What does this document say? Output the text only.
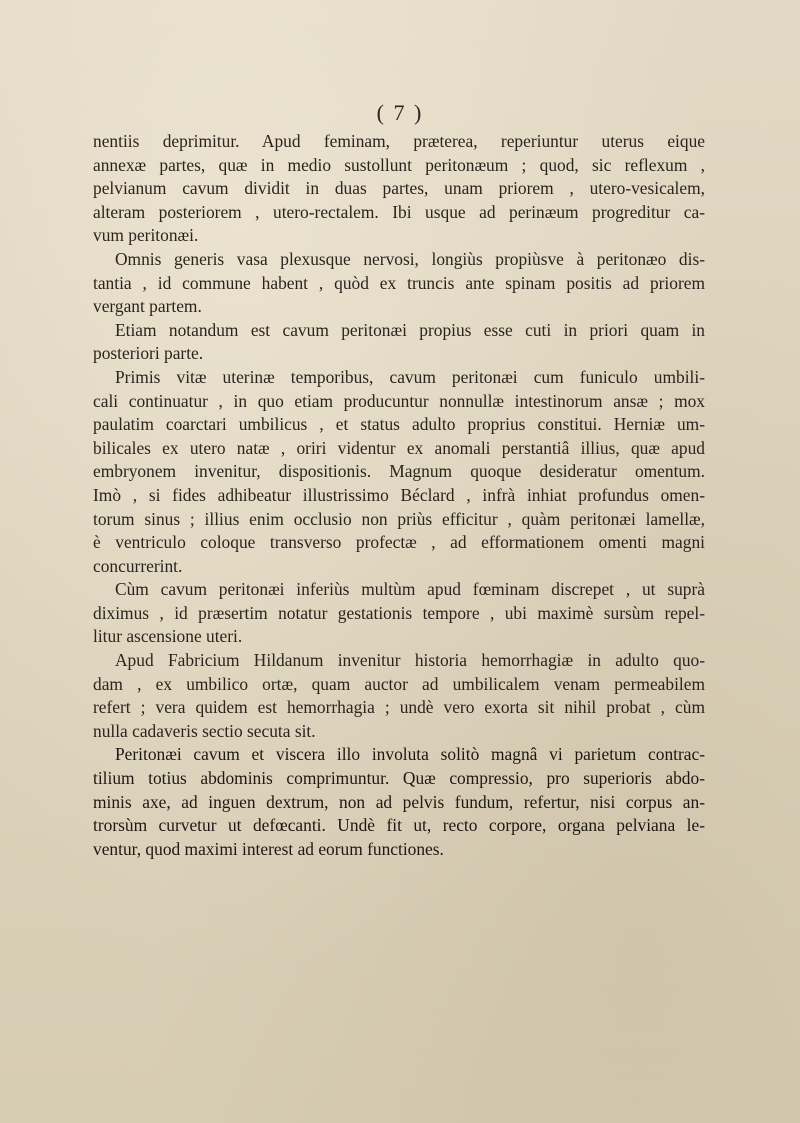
( 7 )
nentiis deprimitur. Apud feminam, præterea, reperiuntur uterus eique
annexæ partes, quæ in medio sustollunt peritonæum ; quod, sic reflexum ,
pelvianum cavum dividit in duas partes, unam priorem , utero-vesicalem,
alteram posteriorem , utero-rectalem. Ibi usque ad perinæum progreditur ca-
vum peritonæi.
Omnis generis vasa plexusque nervosi, longiùs propiùsve à peritonæo dis-
tantia , id commune habent , quòd ex truncis ante spinam positis ad priorem
vergant partem.
Etiam notandum est cavum peritonæi propius esse cuti in priori quam in
posteriori parte.
Primis vitæ uterinæ temporibus, cavum peritonæi cum funiculo umbili-
cali continuatur , in quo etiam producuntur nonnullæ intestinorum ansæ ; mox
paulatim coarctari umbilicus , et status adulto proprius constitui. Herniæ um-
bilicales ex utero natæ , oriri videntur ex anomali perstantiâ illius, quæ apud
embryonem invenitur, dispositionis. Magnum quoque desideratur omentum.
Imò , si fides adhibeatur illustrissimo Béclard , infrà inhiat profundus omen-
torum sinus ; illius enim occlusio non priùs efficitur , quàm peritonæi lamellæ,
è ventriculo coloque transverso profectæ , ad efformationem omenti magni
concurrerint.
Cùm cavum peritonæi inferiùs multùm apud fœminam discrepet , ut suprà
diximus , id præsertim notatur gestationis tempore , ubi maximè sursùm repel-
litur ascensione uteri.
Apud Fabricium Hildanum invenitur historia hemorrhagiæ in adulto quo-
dam , ex umbilico ortæ, quam auctor ad umbilicalem venam permeabilem
refert ; vera quidem est hemorrhagia ; undè vero exorta sit nihil probat , cùm
nulla cadaveris sectio secuta sit.
Peritonæi cavum et viscera illo involuta solitò magnâ vi parietum contrac-
tilium totius abdominis comprimuntur. Quæ compressio, pro superioris abdo-
minis axe, ad inguen dextrum, non ad pelvis fundum, refertur, nisi corpus an-
trorsùm curvetur ut defœcanti. Undè fit ut, recto corpore, organa pelviana le-
ventur, quod maximi interest ad eorum functiones.
